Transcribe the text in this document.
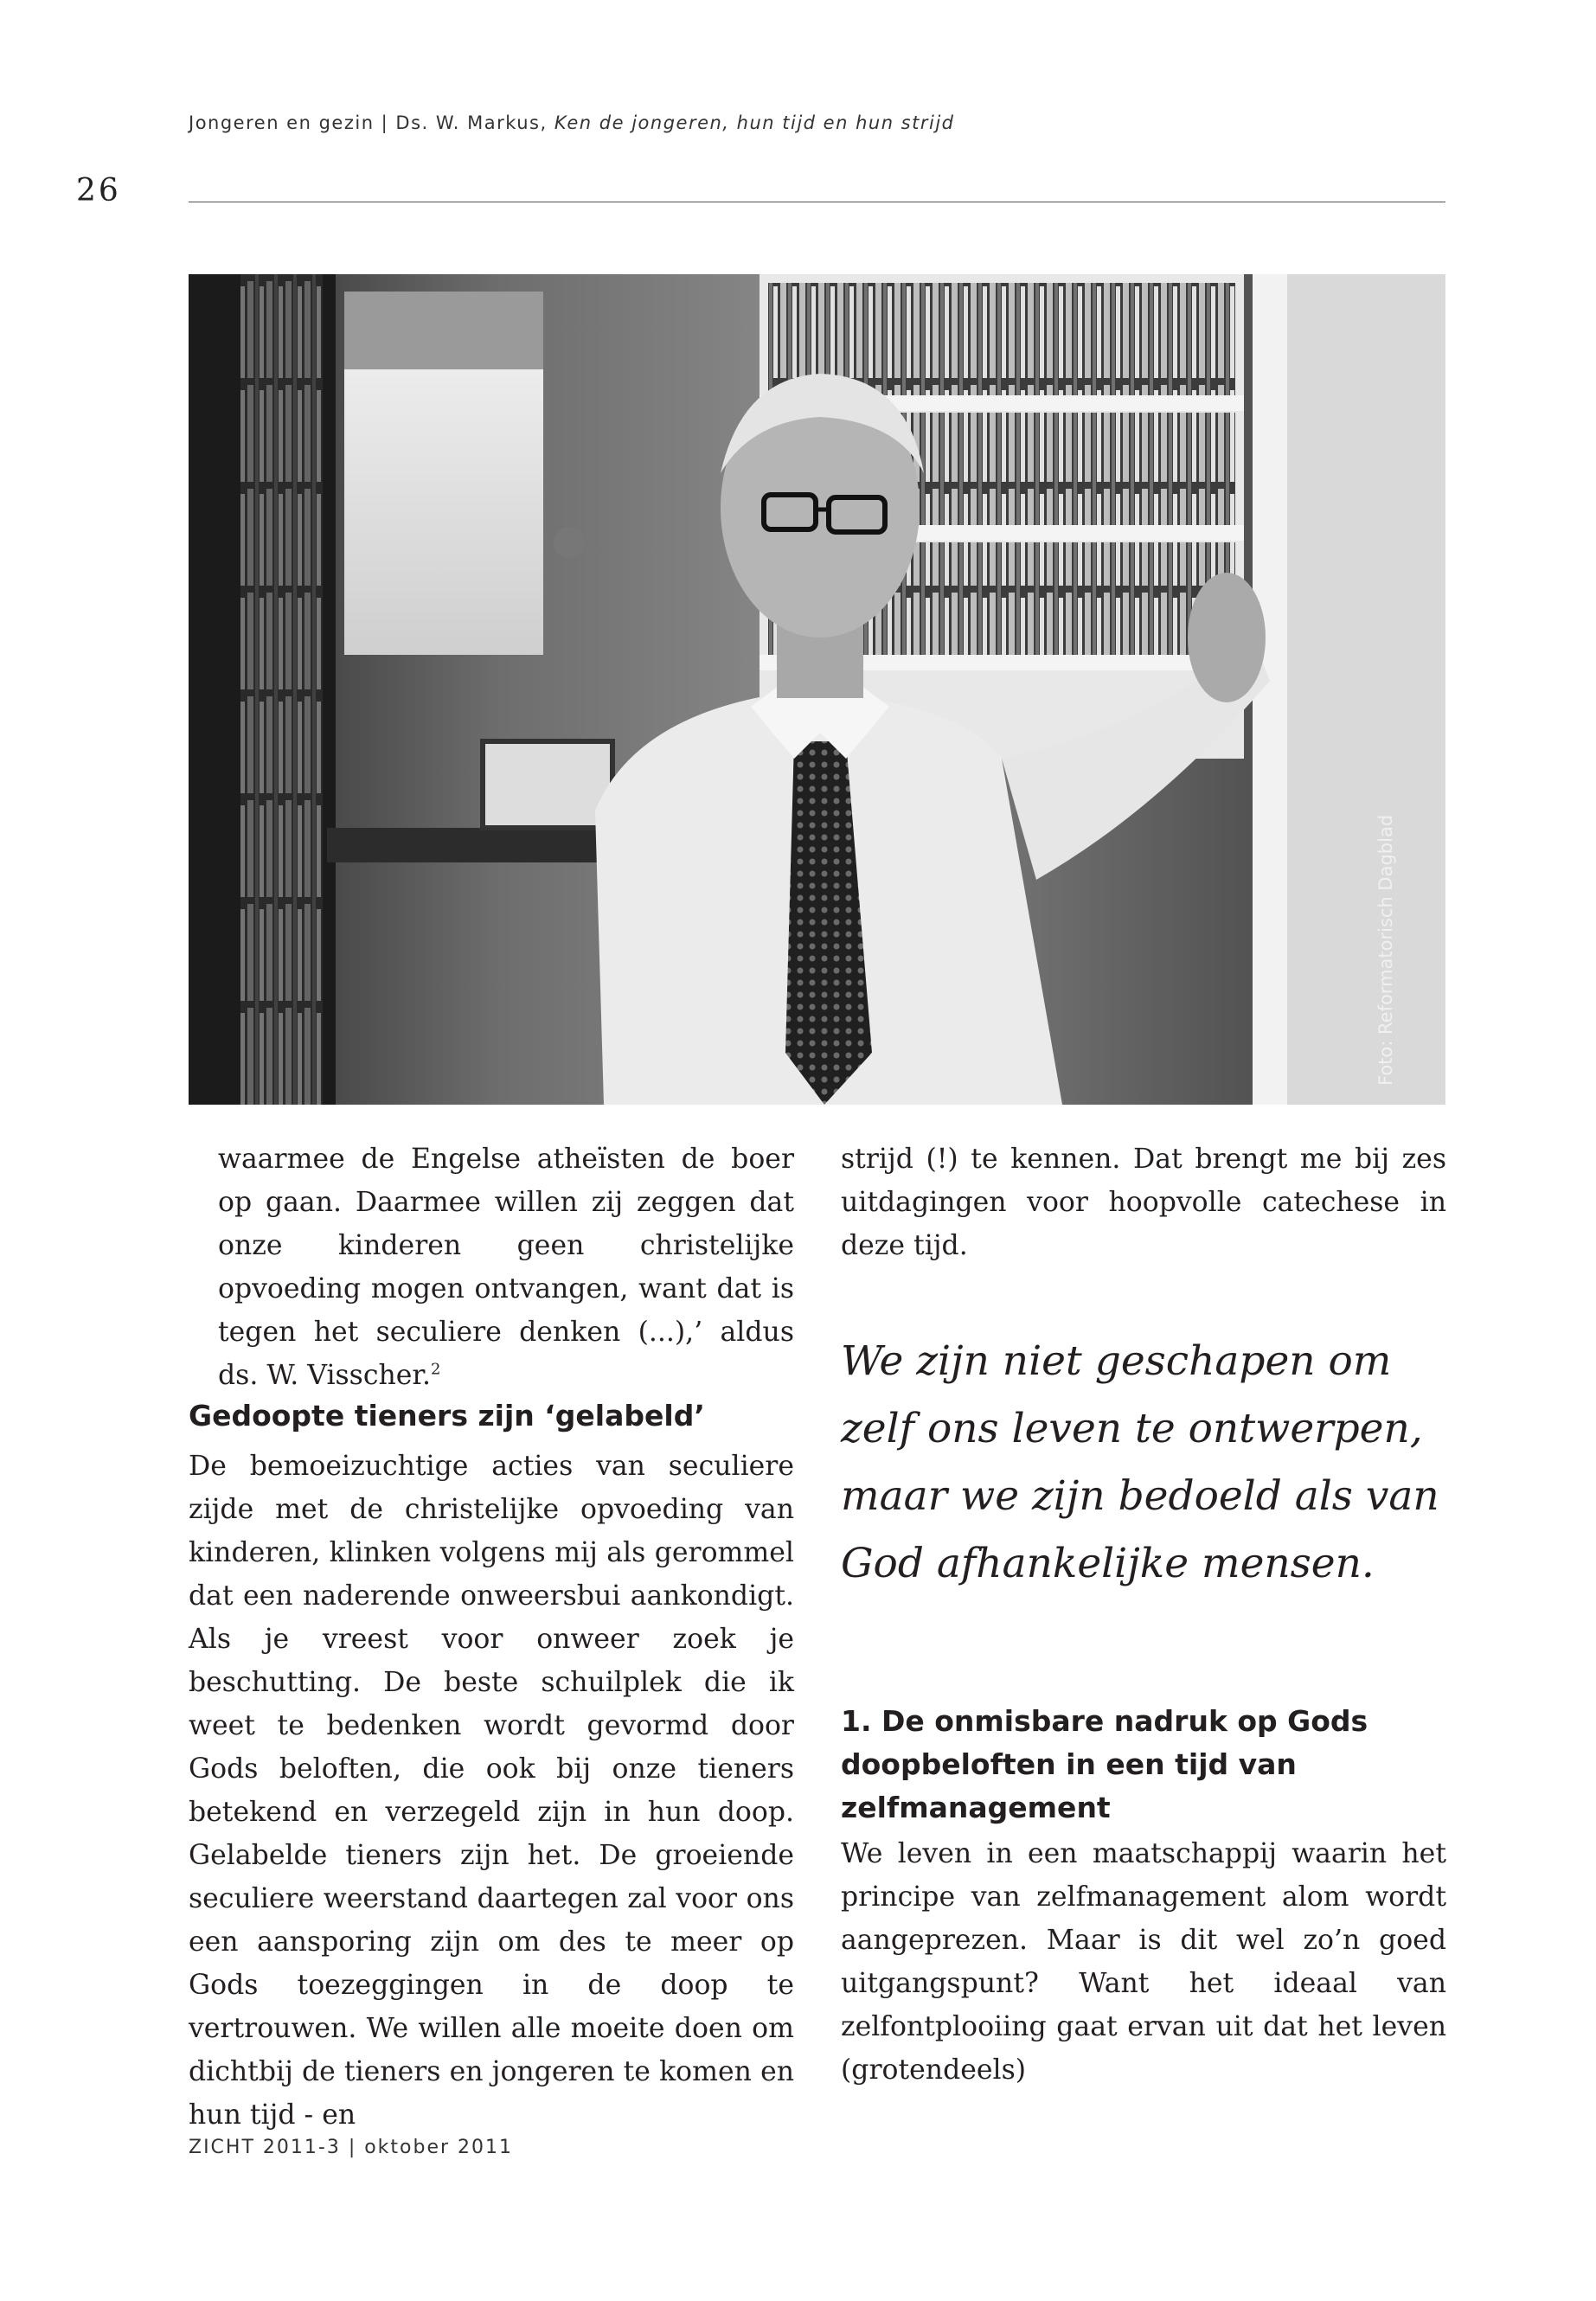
Jongeren en gezin | Ds. W. Markus, Ken de jongeren, hun tijd en hun strijd
26
Foto: Reformatorisch Dagblad

waarmee de Engelse atheïsten de boer op gaan. Daarmee willen zij zeggen dat onze kinderen geen christelijke opvoeding mogen ontvangen, want dat is tegen het seculiere denken (...),’ aldus ds. W. Visscher.$^2$

Gedoopte tieners zijn ‘gelabeld’

De bemoeizuchtige acties van seculiere zijde met de christelijke opvoeding van kinderen, klinken volgens mij als gerommel dat een naderende onweersbui aankondigt. Als je vreest voor onweer zoek je beschutting. De beste schuilplek die ik weet te bedenken wordt gevormd door Gods beloften, die ook bij onze tieners betekend en verzegeld zijn in hun doop. Gelabelde tieners zijn het. De groeiende seculiere weerstand daartegen zal voor ons een aansporing zijn om des te meer op Gods toezeggingen in de doop te vertrouwen. We willen alle moeite doen om dichtbij de tieners en jongeren te komen en hun tijd - en

strijd (!) te kennen. Dat brengt me bij zes uitdagingen voor hoopvolle catechese in deze tijd.

We zijn niet geschapen om zelf ons leven te ontwerpen, maar we zijn bedoeld als van God afhankelijke mensen.

1. De onmisbare nadruk op Gods doopbeloften in een tijd van zelfmanagement

We leven in een maatschappij waarin het principe van zelfmanagement alom wordt aangeprezen. Maar is dit wel zo’n goed uitgangspunt? Want het ideaal van zelfontplooiing gaat ervan uit dat het leven (grotendeels)

ZICHT 2011-3 | oktober 2011
